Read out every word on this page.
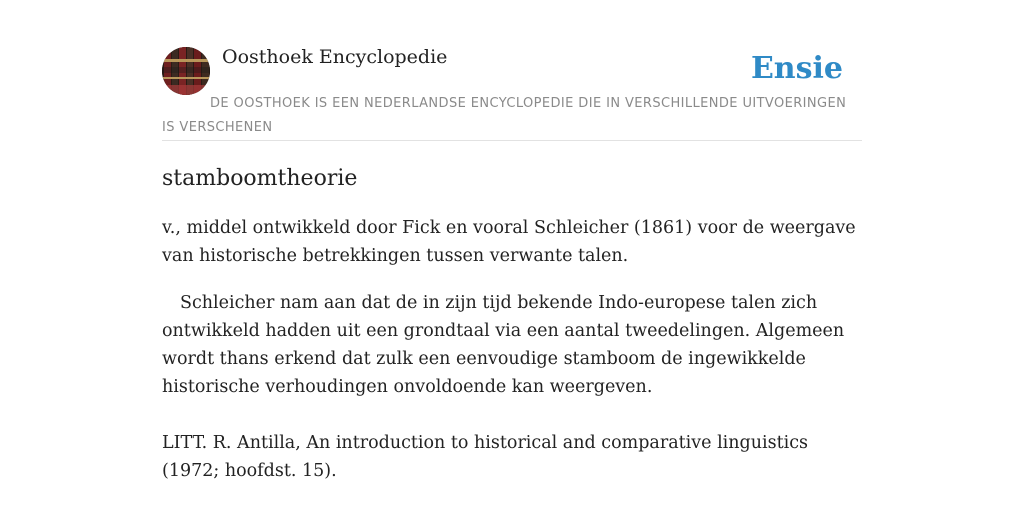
Oosthoek Encyclopedie	Ensie

DE OOSTHOEK IS EEN NEDERLANDSE ENCYCLOPEDIE DIE IN VERSCHILLENDE UITVOERINGEN IS VERSCHENEN

stamboomtheorie

v., middel ontwikkeld door Fick en vooral Schleicher (1861) voor de weergave van historische betrekkingen tussen verwante talen.

Schleicher nam aan dat de in zijn tijd bekende Indo-europese talen zich ontwikkeld hadden uit een grondtaal via een aantal tweedelingen. Algemeen wordt thans erkend dat zulk een eenvoudige stamboom de ingewikkelde historische verhoudingen onvoldoende kan weergeven.

LITT. R. Antilla, An introduction to historical and comparative linguistics (1972; hoofdst. 15).
